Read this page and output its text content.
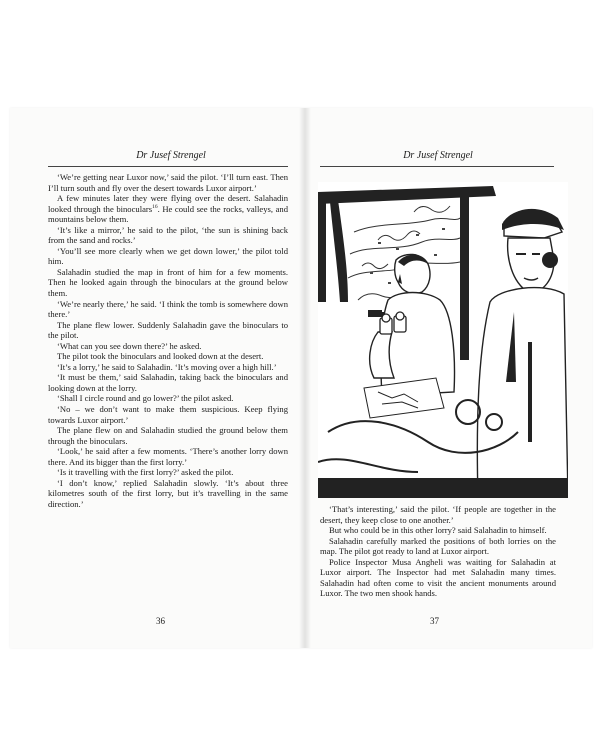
Dr Jusef Strengel

‘We’re getting near Luxor now,’ said the pilot. ‘I’ll turn east. Then I’ll turn south and fly over the desert towards Luxor airport.’

A few minutes later they were flying over the desert. Salahadin looked through the binoculars$^{16}$. He could see the rocks, valleys, and mountains below them.

‘It’s like a mirror,’ he said to the pilot, ‘the sun is shining back from the sand and rocks.’

‘You’ll see more clearly when we get down lower,’ the pilot told him.

Salahadin studied the map in front of him for a few moments. Then he looked again through the binoculars at the ground below them.

‘We’re nearly there,’ he said. ‘I think the tomb is somewhere down there.’

The plane flew lower. Suddenly Salahadin gave the binoculars to the pilot.

‘What can you see down there?’ he asked.

The pilot took the binoculars and looked down at the desert.

‘It’s a lorry,’ he said to Salahadin. ‘It’s moving over a high hill.’

‘It must be them,’ said Salahadin, taking back the binoculars and looking down at the lorry.

‘Shall I circle round and go lower?’ the pilot asked.

‘No – we don’t want to make them suspicious. Keep flying towards Luxor airport.’

The plane flew on and Salahadin studied the ground below them through the binoculars.

‘Look,’ he said after a few moments. ‘There’s another lorry down there. And its bigger than the first lorry.’

‘Is it travelling with the first lorry?’ asked the pilot.

‘I don’t know,’ replied Salahadin slowly. ‘It’s about three kilometres south of the first lorry, but it’s travelling in the same direction.’

36
Dr Jusef Strengel

‘That’s interesting,’ said the pilot. ‘If people are together in the desert, they keep close to one another.’

But who could be in this other lorry? said Salahadin to himself.

Salahadin carefully marked the positions of both lorries on the map. The pilot got ready to land at Luxor airport.

Police Inspector Musa Angheli was waiting for Salahadin at Luxor airport. The Inspector had met Salahadin many times. Salahadin had often come to visit the ancient monuments around Luxor. The two men shook hands.

37
